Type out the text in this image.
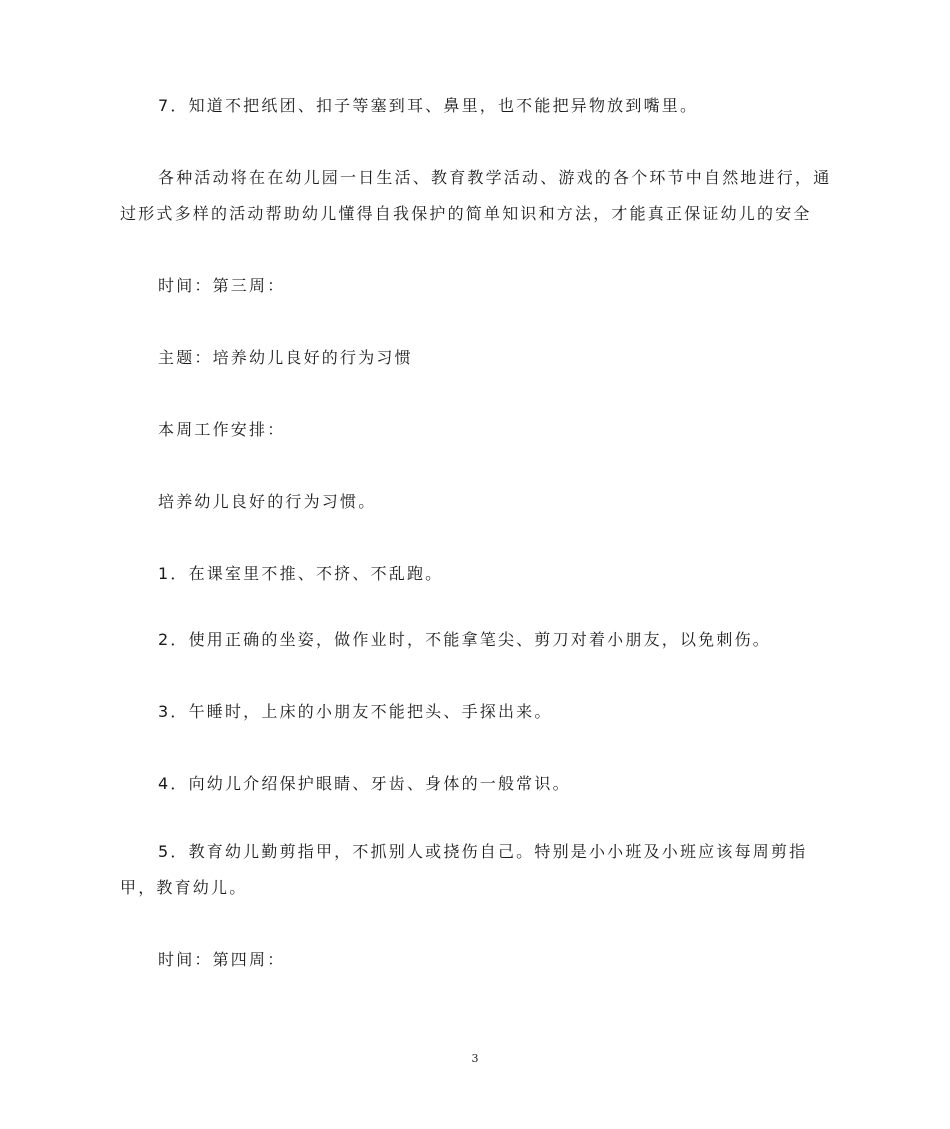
7．知道不把纸团、扣子等塞到耳、鼻里，也不能把异物放到嘴里。

各种活动将在在幼儿园一日生活、教育教学活动、游戏的各个环节中自然地进行，通过形式多样的活动帮助幼儿懂得自我保护的简单知识和方法，才能真正保证幼儿的安全

时间：第三周：

主题：培养幼儿良好的行为习惯

本周工作安排：

培养幼儿良好的行为习惯。

1．在课室里不推、不挤、不乱跑。

2．使用正确的坐姿，做作业时，不能拿笔尖、剪刀对着小朋友，以免刺伤。

3．午睡时，上床的小朋友不能把头、手探出来。

4．向幼儿介绍保护眼睛、牙齿、身体的一般常识。

5．教育幼儿勤剪指甲，不抓别人或挠伤自己。特别是小小班及小班应该每周剪指甲，教育幼儿。

时间：第四周：

3
